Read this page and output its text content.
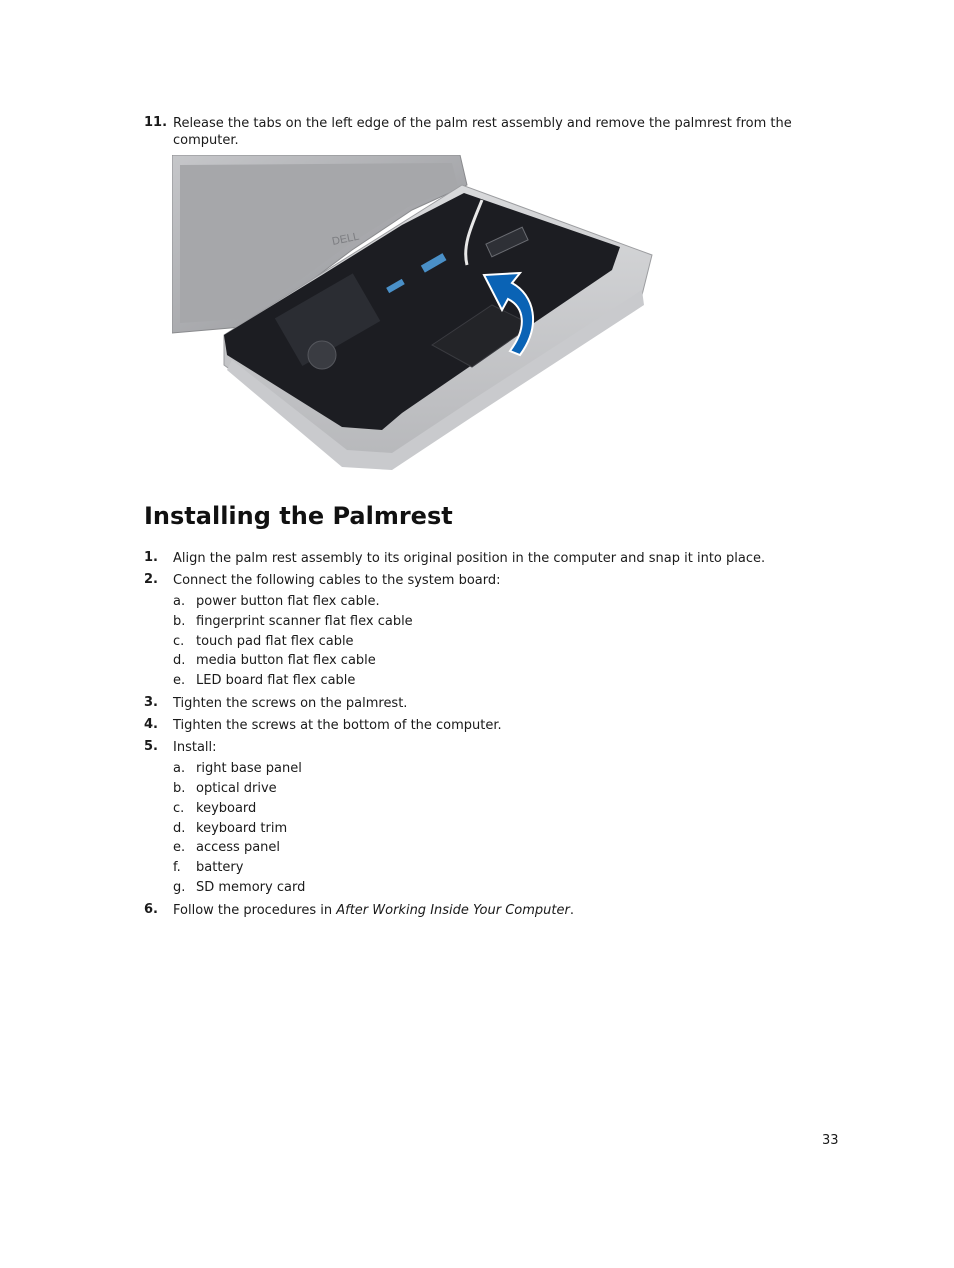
11. Release the tabs on the left edge of the palm rest assembly and remove the palmrest from the computer.
DELL
Installing the Palmrest
1. Align the palm rest assembly to its original position in the computer and snap it into place.
2. Connect the following cables to the system board:
a. power button flat flex cable.
b. fingerprint scanner flat flex cable
c. touch pad flat flex cable
d. media button flat flex cable
e. LED board flat flex cable
3. Tighten the screws on the palmrest.
4. Tighten the screws at the bottom of the computer.
5. Install:
a. right base panel
b. optical drive
c. keyboard
d. keyboard trim
e. access panel
f. battery
g. SD memory card
6. Follow the procedures in After Working Inside Your Computer.
33
